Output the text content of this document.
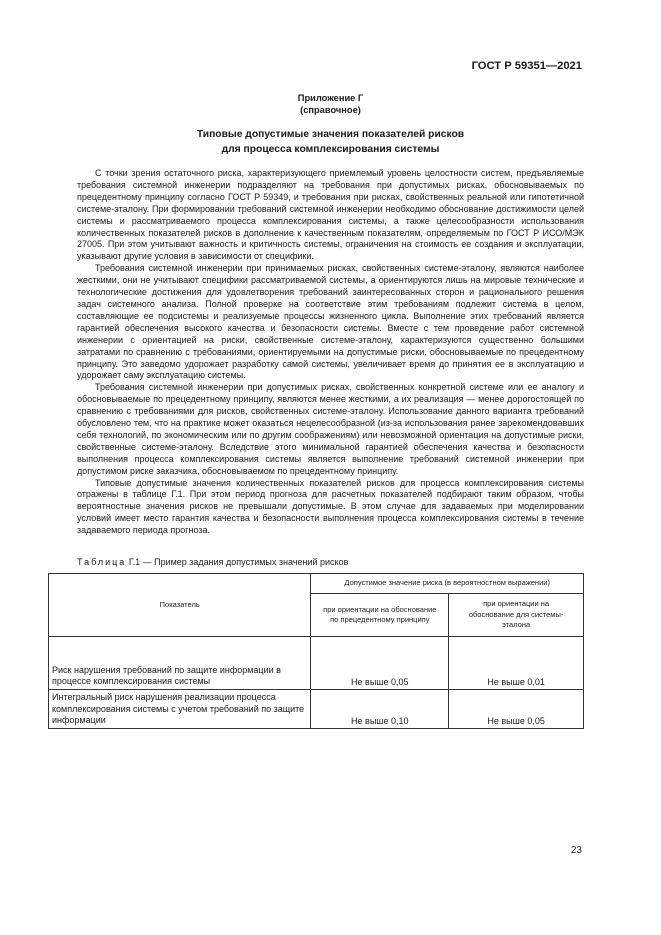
ГОСТ Р 59351—2021
Приложение Г
(справочное)
Типовые допустимые значения показателей рисков
для процесса комплексирования системы

С точки зрения остаточного риска, характеризующего приемлемый уровень целостности систем, предъявляемые требования системной инженерии подразделяют на требования при допустимых рисках, обосновываемых по прецедентному принципу согласно ГОСТ Р 59349, и требования при рисках, свойственных реальной или гипотетичной системе-эталону. При формировании требований системной инженерии необходимо обоснование достижимости целей системы и рассматриваемого процесса комплексирования системы, а также целесообразности использования количественных показателей рисков в дополнение к качественным показателям, определяемым по ГОСТ Р ИСО/МЭК 27005. При этом учитывают важность и критичность системы, ограничения на стоимость ее создания и эксплуатации, указывают другие условия в зависимости от специфики.

Требования системной инженерии при принимаемых рисках, свойственных системе-эталону, являются наиболее жесткими, они не учитывают специфики рассматриваемой системы, а ориентируются лишь на мировые технические и технологические достижения для удовлетворения требований заинтересованных сторон и рационального решения задач системного анализа. Полной проверке на соответствие этим требованиям подлежит система в целом, составляющие ее подсистемы и реализуемые процессы жизненного цикла. Выполнение этих требований является гарантией обеспечения высокого качества и безопасности системы. Вместе с тем проведение работ системной инженерии с ориентацией на риски, свойственные системе-эталону, характеризуются существенно большими затратами по сравнению с требованиями, ориентируемыми на допустимые риски, обосновываемые по прецедентному принципу. Это заведомо удорожает разработку самой системы, увеличивает время до принятия ее в эксплуатацию и удорожает саму эксплуатацию системы.

Требования системной инженерии при допустимых рисках, свойственных конкретной системе или ее аналогу и обосновываемые по прецедентному принципу, являются менее жесткими, а их реализация — менее дорогостоящей по сравнению с требованиями для рисков, свойственных системе-эталону. Использование данного варианта требований обусловлено тем, что на практике может оказаться нецелесообразной (из-за использования ранее зарекомендовавших себя технологий, по экономическим или по другим соображениям) или невозможной ориентация на допустимые риски, свойственные системе-эталону. Вследствие этого минимальной гарантией обеспечения качества и безопасности выполнения процесса комплексирования системы является выполнение требований системной инженерии при допустимом риске заказчика, обосновываемом по прецедентному принципу.

Типовые допустимые значения количественных показателей рисков для процесса комплексирования системы отражены в таблице Г.1. При этом период прогноза для расчетных показателей подбирают таким образом, чтобы вероятностные значения рисков не превышали допустимые. В этом случае для задаваемых при моделировании условий имеет место гарантия качества и безопасности выполнения процесса комплексирования системы в течение задаваемого периода прогноза.

Таблица Г.1 — Пример задания допустимых значений рисков
Показатель	Допустимое значение риска (в вероятностном выражении)	
	при ориентации на обоснование по прецедентному принципу	при ориентации на обоснование для системы-эталона
Риск нарушения требований по защите информации в процессе комплексирования системы	Не выше 0,05	Не выше 0,01
Интегральный риск нарушения реализации процесса комплексирования системы с учетом требований по защите информации	Не выше 0,10	Не выше 0,05
23
